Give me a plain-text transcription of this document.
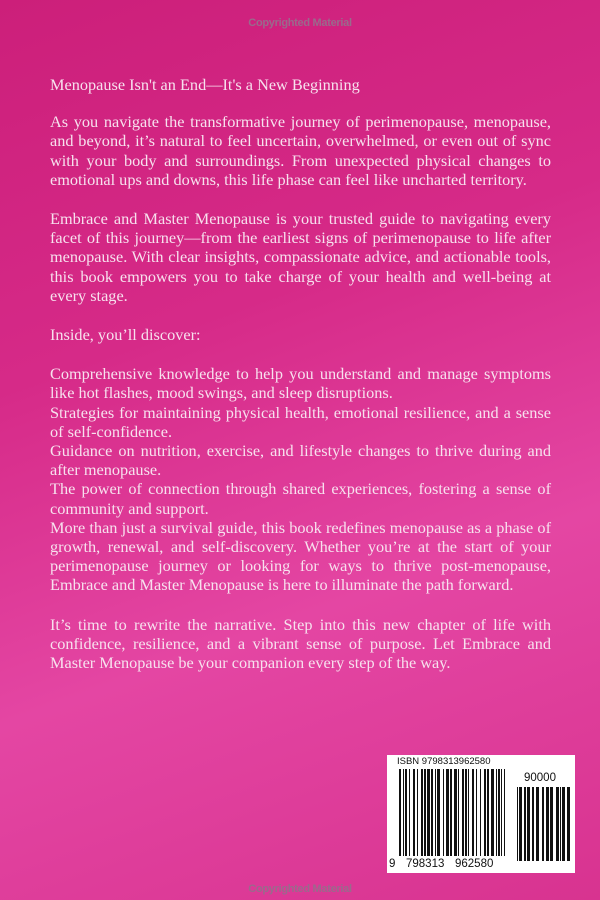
Copyrighted Material
Menopause Isn't an End—It's a New Beginning
As you navigate the transformative journey of perimenopause, menopause, and beyond, it’s natural to feel uncertain, overwhelmed, or even out of sync with your body and surroundings. From unexpected physical changes to emotional ups and downs, this life phase can feel like uncharted territory.
Embrace and Master Menopause is your trusted guide to navigating every facet of this journey—from the earliest signs of perimenopause to life after menopause. With clear insights, compassionate advice, and actionable tools, this book empowers you to take charge of your health and well-being at every stage.
Inside, you’ll discover:

Comprehensive knowledge to help you understand and manage symptoms like hot flashes, mood swings, and sleep disruptions.

Strategies for maintaining physical health, emotional resilience, and a sense of self-confidence.

Guidance on nutrition, exercise, and lifestyle changes to thrive during and after menopause.

The power of connection through shared experiences, fostering a sense of community and support.

More than just a survival guide, this book redefines menopause as a phase of growth, renewal, and self-discovery. Whether you’re at the start of your perimenopause journey or looking for ways to thrive post-menopause, Embrace and Master Menopause is here to illuminate the path forward.

It’s time to rewrite the narrative. Step into this new chapter of life with confidence, resilience, and a vibrant sense of purpose. Let Embrace and Master Menopause be your companion every step of the way.
ISBN 9798313962580
90000
9 798313 962580
Copyrighted Material
